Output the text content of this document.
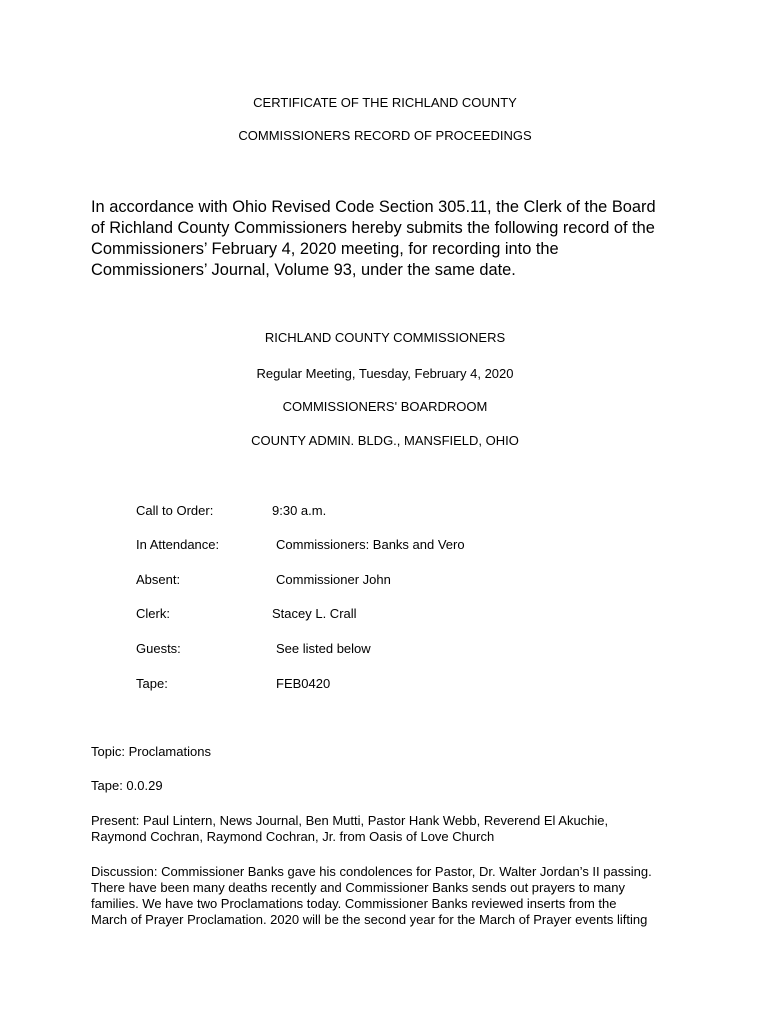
CERTIFICATE OF THE RICHLAND COUNTY
COMMISSIONERS RECORD OF PROCEEDINGS
In accordance with Ohio Revised Code Section 305.11, the Clerk of the Board
of Richland County Commissioners hereby submits the following record of the
Commissioners’ February 4, 2020 meeting, for recording into the
Commissioners’ Journal, Volume 93, under the same date.
RICHLAND COUNTY COMMISSIONERS
Regular Meeting, Tuesday, February 4, 2020
COMMISSIONERS' BOARDROOM
COUNTY ADMIN. BLDG., MANSFIELD, OHIO
Call to Order:	9:30 a.m.
In Attendance:	Commissioners: Banks and Vero
Absent:	Commissioner John
Clerk:	Stacey L. Crall
Guests:	See listed below
Tape:	FEB0420
Topic: Proclamations
Tape: 0.0.29
Present: Paul Lintern, News Journal, Ben Mutti, Pastor Hank Webb, Reverend El Akuchie,
Raymond Cochran, Raymond Cochran, Jr. from Oasis of Love Church
Discussion: Commissioner Banks gave his condolences for Pastor, Dr. Walter Jordan’s II passing.
There have been many deaths recently and Commissioner Banks sends out prayers to many
families. We have two Proclamations today. Commissioner Banks reviewed inserts from the
March of Prayer Proclamation. 2020 will be the second year for the March of Prayer events lifting
